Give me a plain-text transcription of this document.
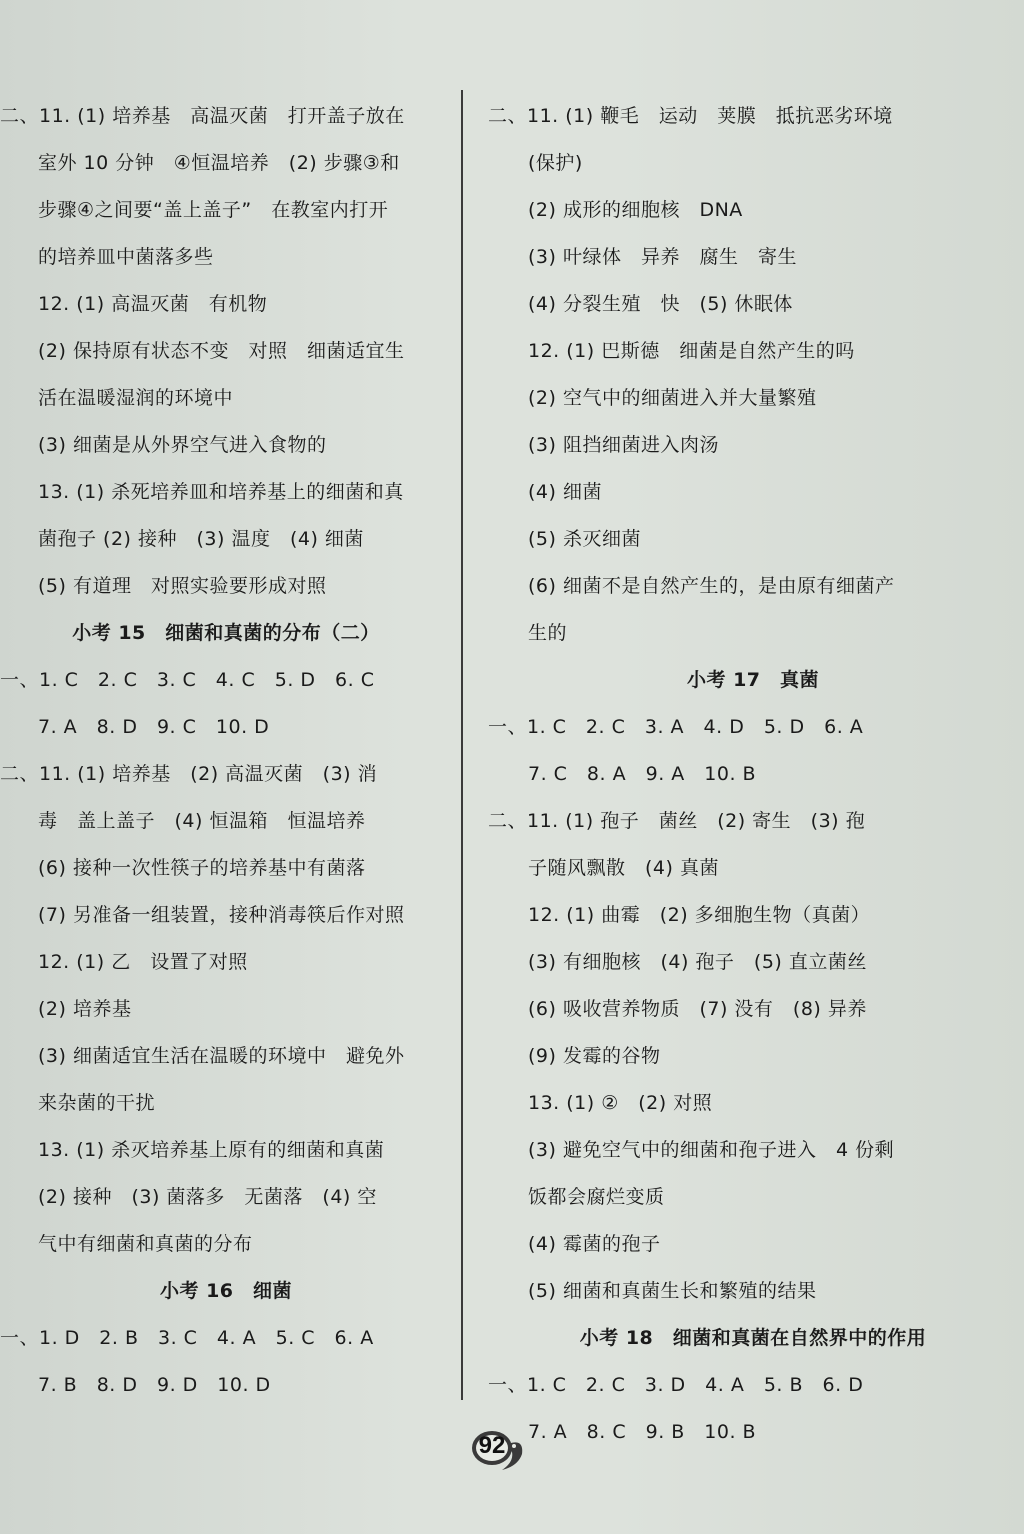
二、11. (1) 培养基　高温灭菌　打开盖子放在
室外 10 分钟　④恒温培养　(2) 步骤③和
步骤④之间要“盖上盖子”　在教室内打开
的培养皿中菌落多些
12. (1) 高温灭菌　有机物
(2) 保持原有状态不变　对照　细菌适宜生
活在温暖湿润的环境中
(3) 细菌是从外界空气进入食物的
13. (1) 杀死培养皿和培养基上的细菌和真
菌孢子 (2) 接种　(3) 温度　(4) 细菌
(5) 有道理　对照实验要形成对照
小考 15　细菌和真菌的分布（二）
一、1. C　2. C　3. C　4. C　5. D　6. C
7. A　8. D　9. C　10. D
二、11. (1) 培养基　(2) 高温灭菌　(3) 消
毒　盖上盖子　(4) 恒温箱　恒温培养
(6) 接种一次性筷子的培养基中有菌落
(7) 另准备一组装置，接种消毒筷后作对照
12. (1) 乙　设置了对照
(2) 培养基
(3) 细菌适宜生活在温暖的环境中　避免外
来杂菌的干扰
13. (1) 杀灭培养基上原有的细菌和真菌
(2) 接种　(3) 菌落多　无菌落　(4) 空
气中有细菌和真菌的分布
小考 16　细菌
一、1. D　2. B　3. C　4. A　5. C　6. A
7. B　8. D　9. D　10. D
二、11. (1) 鞭毛　运动　荚膜　抵抗恶劣环境
(保护)
(2) 成形的细胞核　DNA
(3) 叶绿体　异养　腐生　寄生
(4) 分裂生殖　快　(5) 休眠体
12. (1) 巴斯德　细菌是自然产生的吗
(2) 空气中的细菌进入并大量繁殖
(3) 阻挡细菌进入肉汤
(4) 细菌
(5) 杀灭细菌
(6) 细菌不是自然产生的，是由原有细菌产
生的
小考 17　真菌
一、1. C　2. C　3. A　4. D　5. D　6. A
7. C　8. A　9. A　10. B
二、11. (1) 孢子　菌丝　(2) 寄生　(3) 孢
子随风飘散　(4) 真菌
12. (1) 曲霉　(2) 多细胞生物（真菌）
(3) 有细胞核　(4) 孢子　(5) 直立菌丝
(6) 吸收营养物质　(7) 没有　(8) 异养
(9) 发霉的谷物
13. (1) ②　(2) 对照
(3) 避免空气中的细菌和孢子进入　4 份剩
饭都会腐烂变质
(4) 霉菌的孢子
(5) 细菌和真菌生长和繁殖的结果
小考 18　细菌和真菌在自然界中的作用
一、1. C　2. C　3. D　4. A　5. B　6. D
7. A　8. C　9. B　10. B
92
